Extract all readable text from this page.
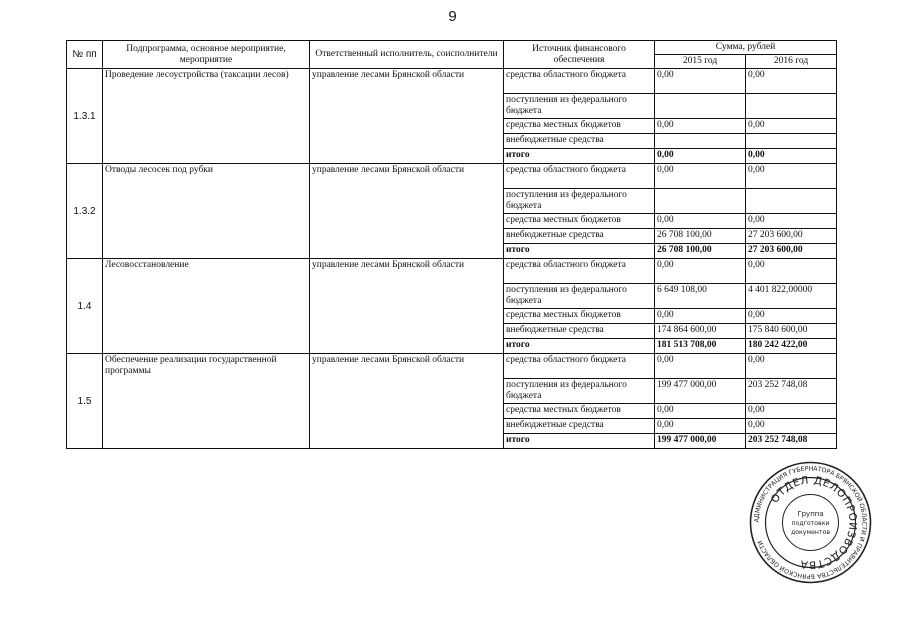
9
№ пп	Подпрограмма, основное мероприятие, мероприятие	Ответственный исполнитель, соисполнители	Источник финансового обеспечения	Сумма, рублей	
				2015 год	2016 год
1.3.1	Проведение лесоустройства (таксации лесов)	управление лесами Брянской области	средства областного бюджета	0,00	0,00
			поступления из федерального бюджета		
			средства местных бюджетов	0,00	0,00
			внебюджетные средства		
			итого	0,00	0,00
1.3.2	Отводы лесосек под рубки	управление лесами Брянской области	средства областного бюджета	0,00	0,00
			поступления из федерального бюджета		
			средства местных бюджетов	0,00	0,00
			внебюджетные средства	26 708 100,00	27 203 600,00
			итого	26 708 100,00	27 203 600,00
1.4	Лесовосстановление	управление лесами Брянской области	средства областного бюджета	0,00	0,00
			поступления из федерального бюджета	6 649 108,00	4 401 822,00000
			средства местных бюджетов	0,00	0,00
			внебюджетные средства	174 864 600,00	175 840 600,00
			итого	181 513 708,00	180 242 422,00
1.5	Обеспечение реализации государственной программы	управление лесами Брянской области	средства областного бюджета	0,00	0,00
			поступления из федерального бюджета	199 477 000,00	203 252 748,08
			средства местных бюджетов	0,00	0,00
			внебюджетные средства	0,00	0,00
			итого	199 477 000,00	203 252 748,08
АДМИНИСТРАЦИЯ ГУБЕРНАТОРА БРЯНСКОЙ ОБЛАСТИ И ПРАВИТЕЛЬСТВА БРЯНСКОЙ ОБЛАСТИ
ОТДЕЛ ДЕЛОПРОИЗВОДСТВА
Группа
подготовки
документов
